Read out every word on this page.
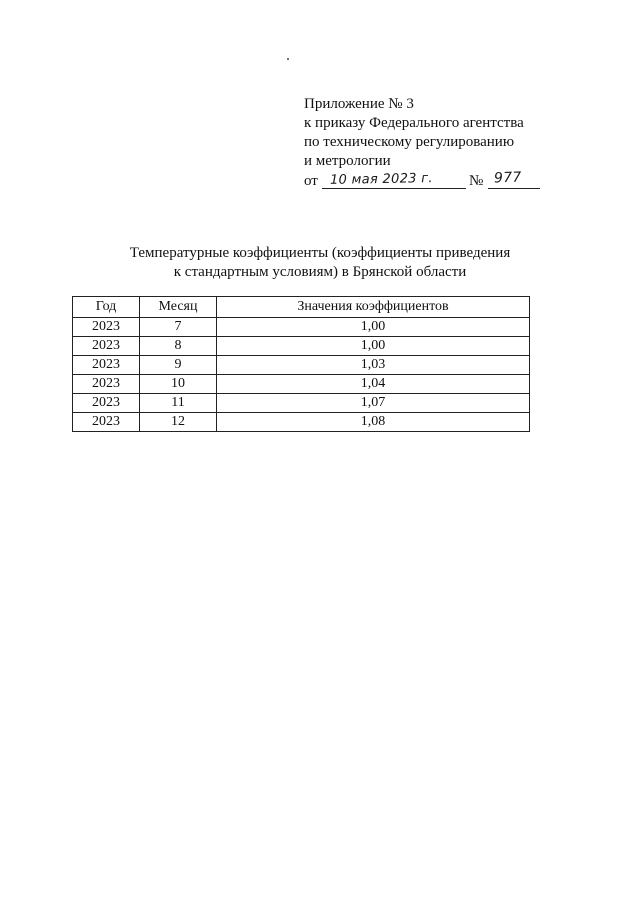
Приложение № 3
к приказу Федерального агентства
по техническому регулированию
и метрологии
от 10 мая 2023 г. № 977
Температурные коэффициенты (коэффициенты приведения
к стандартным условиям) в Брянской области
Год	Месяц	Значения коэффициентов
2023	7	1,00
2023	8	1,00
2023	9	1,03
2023	10	1,04
2023	11	1,07
2023	12	1,08
